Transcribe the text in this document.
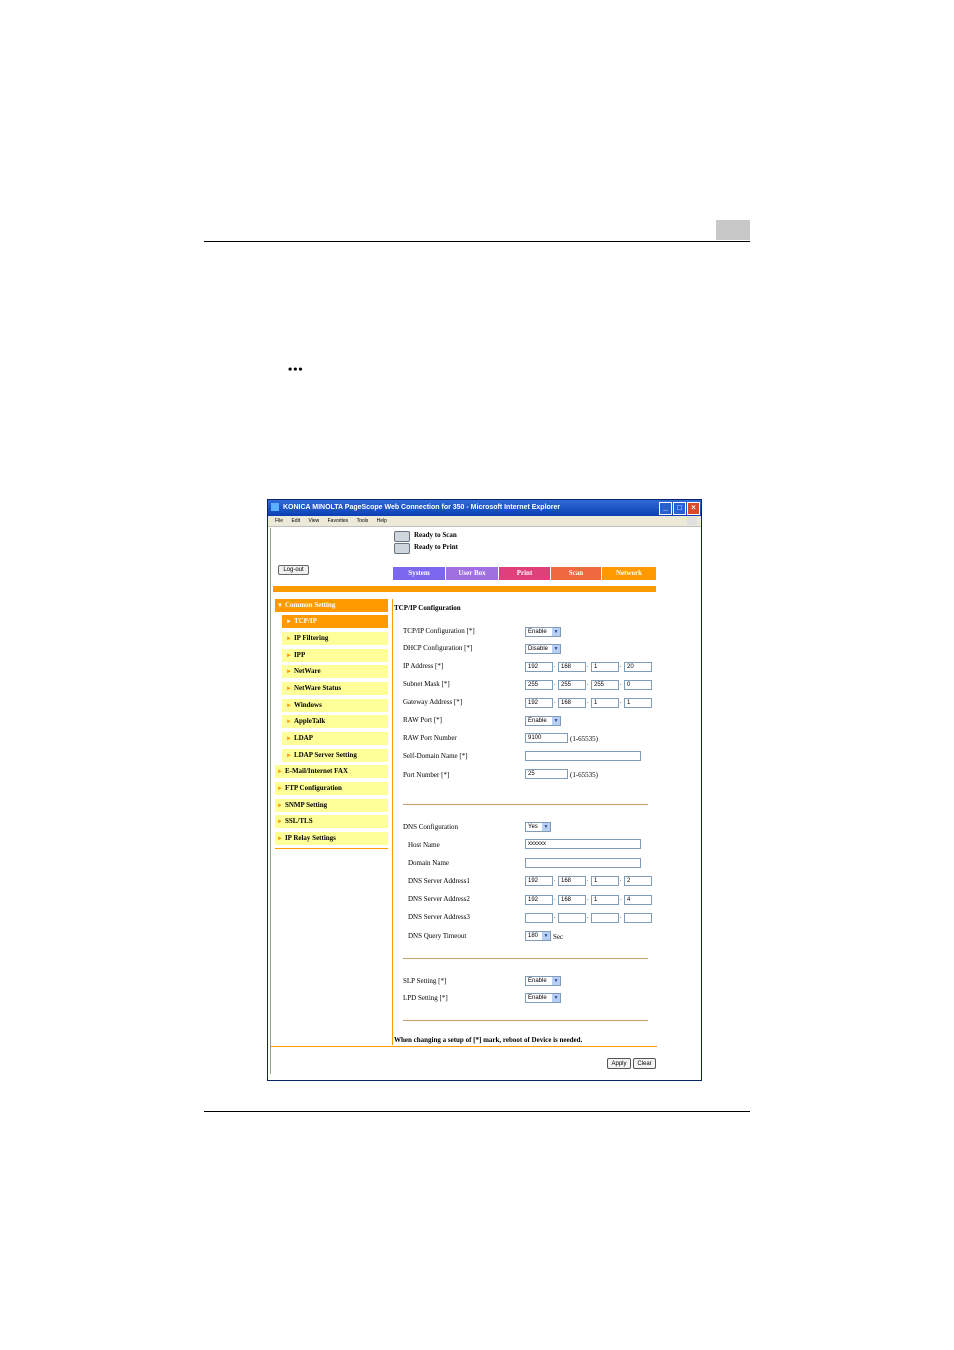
•••
KONICA MINOLTA PageScope Web Connection for 350 - Microsoft Internet Explorer	_ □ ×
File Edit View Favorites Tools Help
Ready to Scan
Ready to Print
Log-out	System	User Box	Print	Scan	Network
▼ Common Setting
► TCP/IP
► IP Filtering
► IPP
► NetWare
► NetWare Status
► Windows
► AppleTalk
► LDAP
► LDAP Server Setting
► E-Mail/Internet FAX
► FTP Configuration
► SNMP Setting
► SSL/TLS
► IP Relay Settings
TCP/IP Configuration
TCP/IP Configuration [*]	Enable	▼
DHCP Configuration [*]	Disable	▼
IP Address [*]	192	. 168	. 1	. 20
Subnet Mask [*]	255	. 255	. 255	. 0
Gateway Address [*]	192	. 168	. 1	. 1
RAW Port [*]	Enable	▼
RAW Port Number	9100	(1-65535)
Self-Domain Name [*]
Port Number [*]	25	(1-65535)
DNS Configuration	Yes	▼
Host Name	xxxxxx
Domain Name
DNS Server Address1	192	. 168	. 1	. 2
DNS Server Address2	192	. 168	. 1	. 4
DNS Server Address3	.	.	.
DNS Query Timeout	180	▼ Sec
SLP Setting [*]	Enable	▼
LPD Setting [*]	Enable	▼
When changing a setup of [*] mark, reboot of Device is needed.
Apply	Clear
